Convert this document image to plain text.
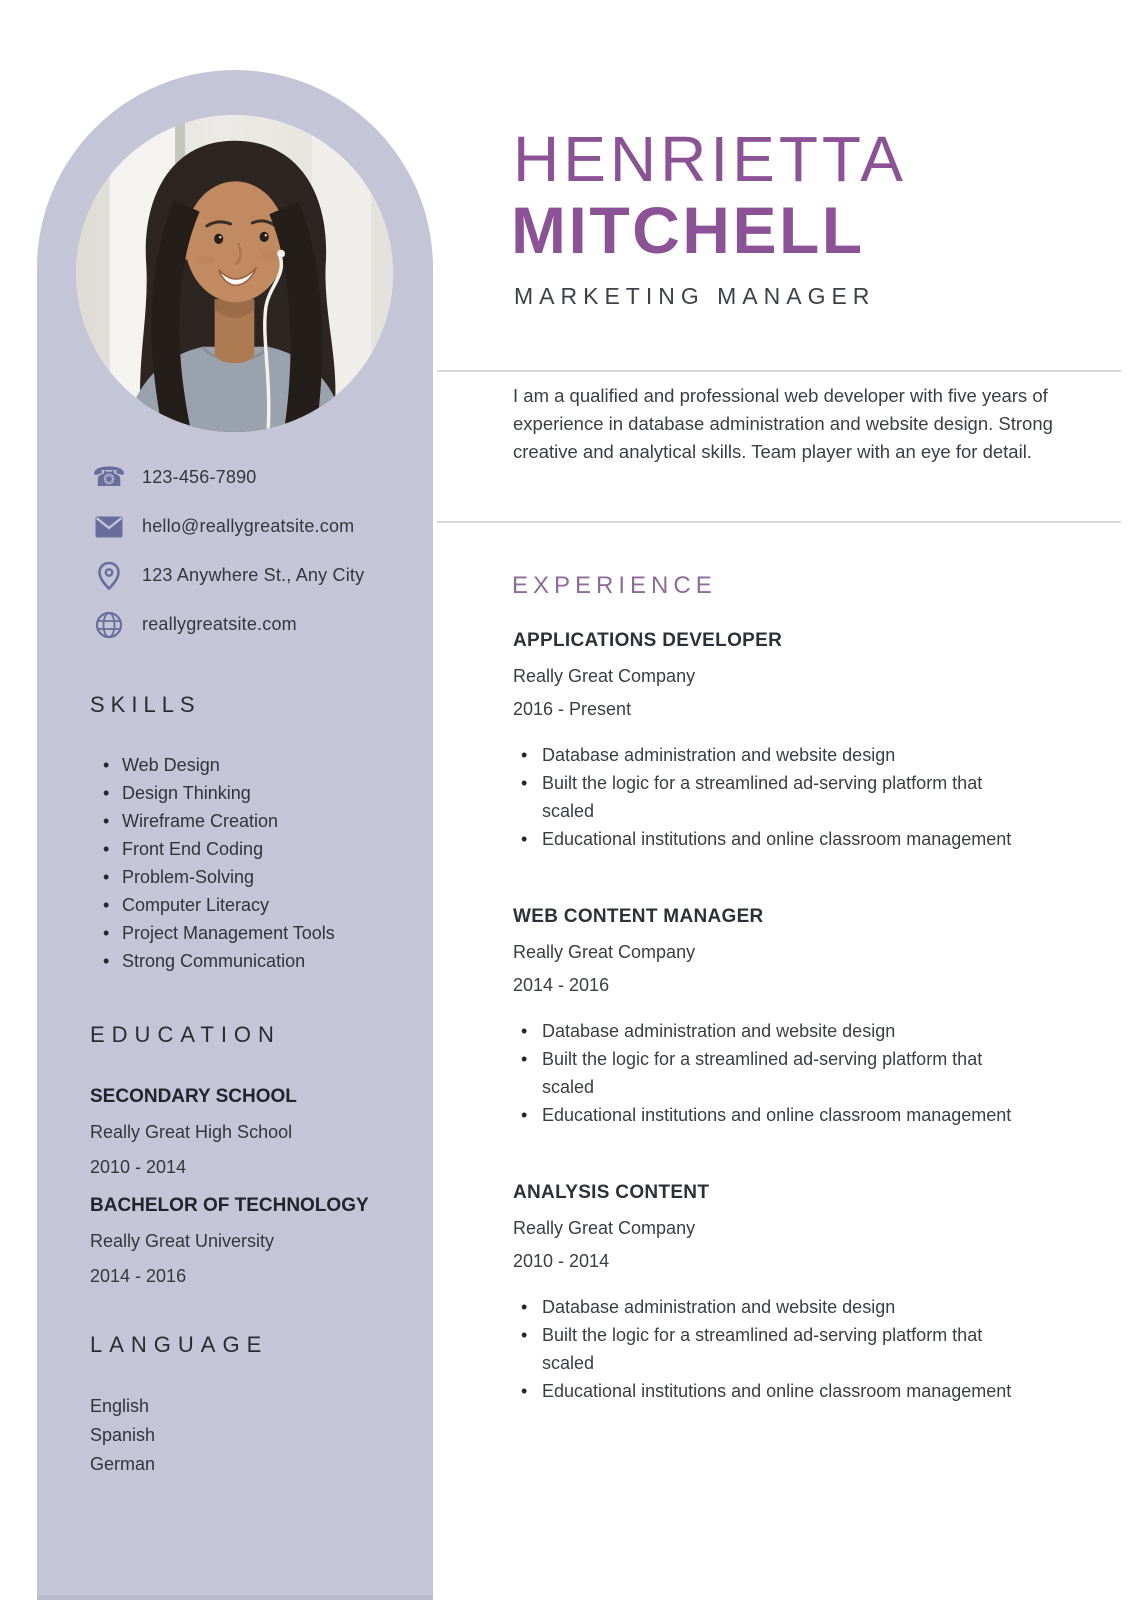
☎ 123-456-7890
hello@reallygreatsite.com
123 Anywhere St., Any City
reallygreatsite.com
SKILLS
• Web Design
• Design Thinking
• Wireframe Creation
• Front End Coding
• Problem-Solving
• Computer Literacy
• Project Management Tools
• Strong Communication
EDUCATION

SECONDARY SCHOOL

Really Great High School

2010 - 2014

BACHELOR OF TECHNOLOGY

Really Great University

2014 - 2016

LANGUAGE
English
Spanish
German
HENRIETTA
MITCHELL
MARKETING MANAGER

I am a qualified and professional web developer with five years of experience in database administration and website design. Strong creative and analytical skills. Team player with an eye for detail.

EXPERIENCE

APPLICATIONS DEVELOPER

Really Great Company

2016 - Present

• Database administration and website design
• Built the logic for a streamlined ad-serving platform that scaled
• Educational institutions and online classroom management

WEB CONTENT MANAGER

Really Great Company

2014 - 2016

• Database administration and website design
• Built the logic for a streamlined ad-serving platform that scaled
• Educational institutions and online classroom management

ANALYSIS CONTENT

Really Great Company

2010 - 2014

• Database administration and website design
• Built the logic for a streamlined ad-serving platform that scaled
• Educational institutions and online classroom management
